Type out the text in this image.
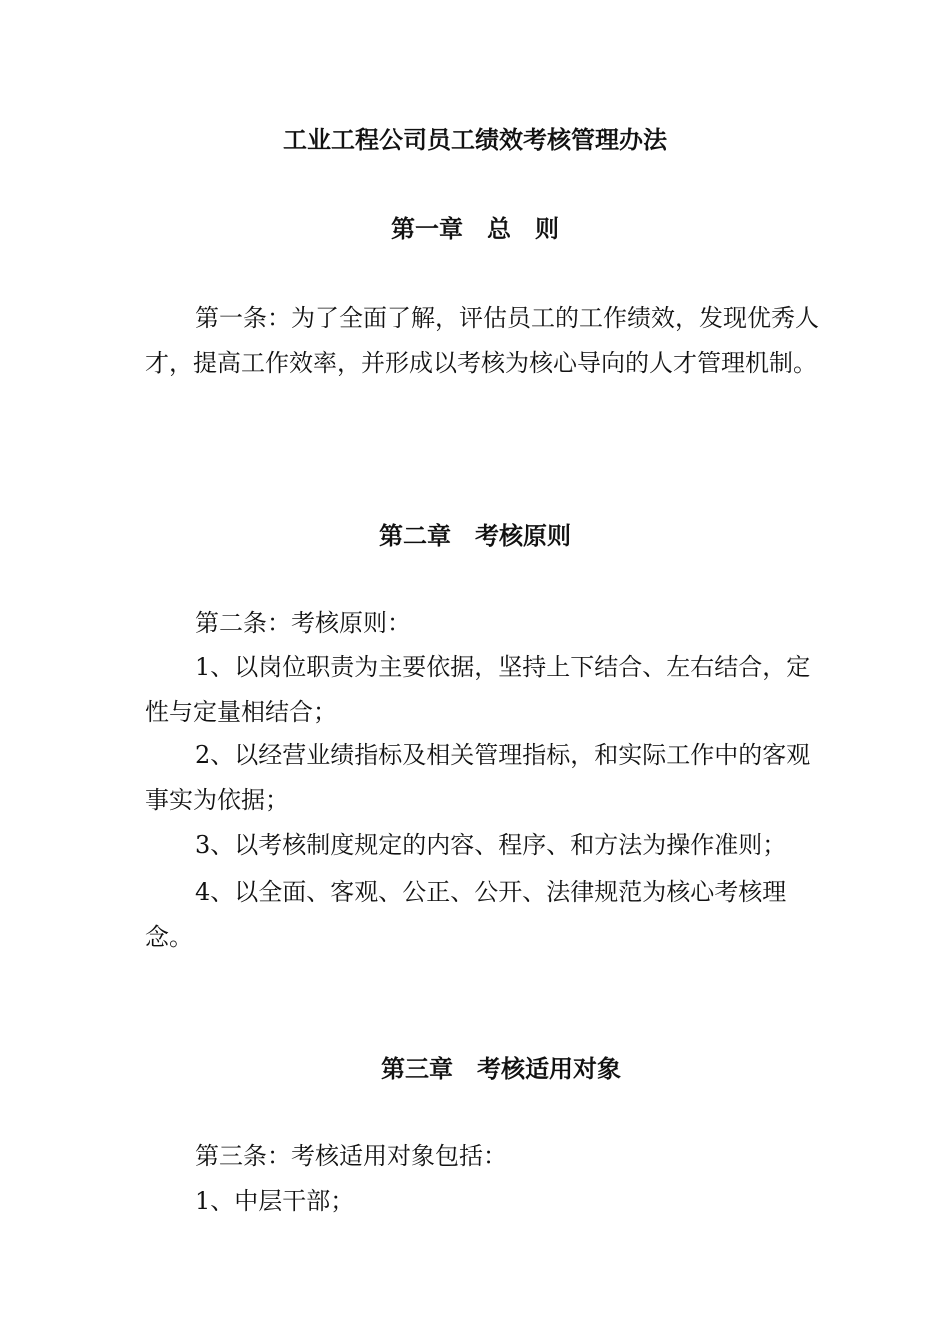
工业工程公司员工绩效考核管理办法
第一章　总　则

第一条：为了全面了解，评估员工的工作绩效，发现优秀人才，提高工作效率，并形成以考核为核心导向的人才管理机制。

第二章　考核原则
第二条：考核原则：

1、以岗位职责为主要依据，坚持上下结合、左右结合，定性与定量相结合；

2、以经营业绩指标及相关管理指标，和实际工作中的客观事实为依据；

3、以考核制度规定的内容、程序、和方法为操作准则；

4、以全面、客观、公正、公开、法律规范为核心考核理念。

第三章　考核适用对象
第三条：考核适用对象包括：
1、中层干部；
